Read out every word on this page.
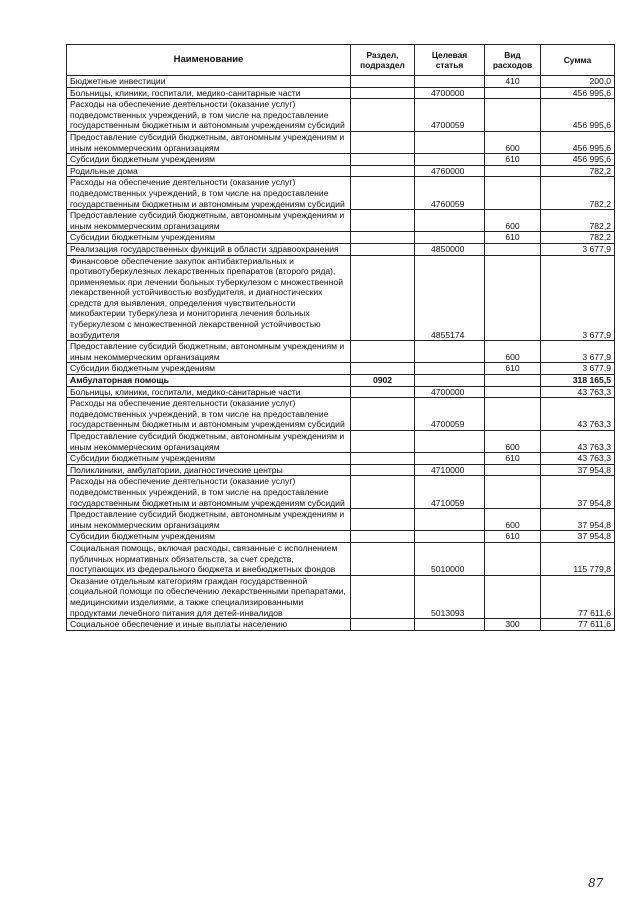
Наименование	Раздел, подраздел	Целевая статья	Вид расходов	Сумма
Бюджетные инвестиции			410	200,0
Больницы, клиники, госпитали, медико-санитарные части		4700000		456 995,6
Расходы на обеспечение деятельности (оказание услуг) подведомственных учреждений, в том числе на предоставление государственным бюджетным и автономным учреждениям субсидий		4700059		456 995,6
Предоставление субсидий бюджетным, автономным учреждениям и иным некоммерческим организациям			600	456 995,6
Субсидии бюджетным учреждениям			610	456 995,6
Родильные дома		4760000		782,2
Расходы на обеспечение деятельности (оказание услуг) подведомственных учреждений, в том числе на предоставление государственным бюджетным и автономным учреждениям субсидий		4760059		782,2
Предоставление субсидий бюджетным, автономным учреждениям и иным некоммерческим организациям			600	782,2
Субсидии бюджетным учреждениям			610	782,2
Реализация государственных функций в области здравоохранения		4850000		3 677,9
Финансовое обеспечение закупок антибактериальных и противотуберкулезных лекарственных препаратов (второго ряда), применяемых при лечении больных туберкулезом с множественной лекарственной устойчивостью возбудителя, и диагностических средств для выявления, определения чувствительности микобактерии туберкулеза и мониторинга лечения больных туберкулезом с множественной лекарственной устойчивостью возбудителя		4855174		3 677,9
Предоставление субсидий бюджетным, автономным учреждениям и иным некоммерческим организациям			600	3 677,9
Субсидии бюджетным учреждениям			610	3 677,9
Амбулаторная помощь	0902			318 165,5
Больницы, клиники, госпитали, медико-санитарные части		4700000		43 763,3
Расходы на обеспечение деятельности (оказание услуг) подведомственных учреждений, в том числе на предоставление государственным бюджетным и автономным учреждениям субсидий		4700059		43 763,3
Предоставление субсидий бюджетным, автономным учреждениям и иным некоммерческим организациям			600	43 763,3
Субсидии бюджетным учреждениям			610	43 763,3
Поликлиники, амбулатории, диагностические центры		4710000		37 954,8
Расходы на обеспечение деятельности (оказание услуг) подведомственных учреждений, в том числе на предоставление государственным бюджетным и автономным учреждениям субсидий		4710059		37 954,8
Предоставление субсидий бюджетным, автономным учреждениям и иным некоммерческим организациям			600	37 954,8
Субсидии бюджетным учреждениям			610	37 954,8
Социальная помощь, включая расходы, связанные с исполнением публичных нормативных обязательств, за счет средств, поступающих из федерального бюджета и внебюджетных фондов		5010000		115 779,8
Оказание отдельным категориям граждан государственной социальной помощи по обеспечению лекарственными препаратами, медицинскими изделиями, а также специализированными продуктами лечебного питания для детей-инвалидов		5013093		77 611,6
Социальное обеспечение и иные выплаты населению			300	77 611,6
87
